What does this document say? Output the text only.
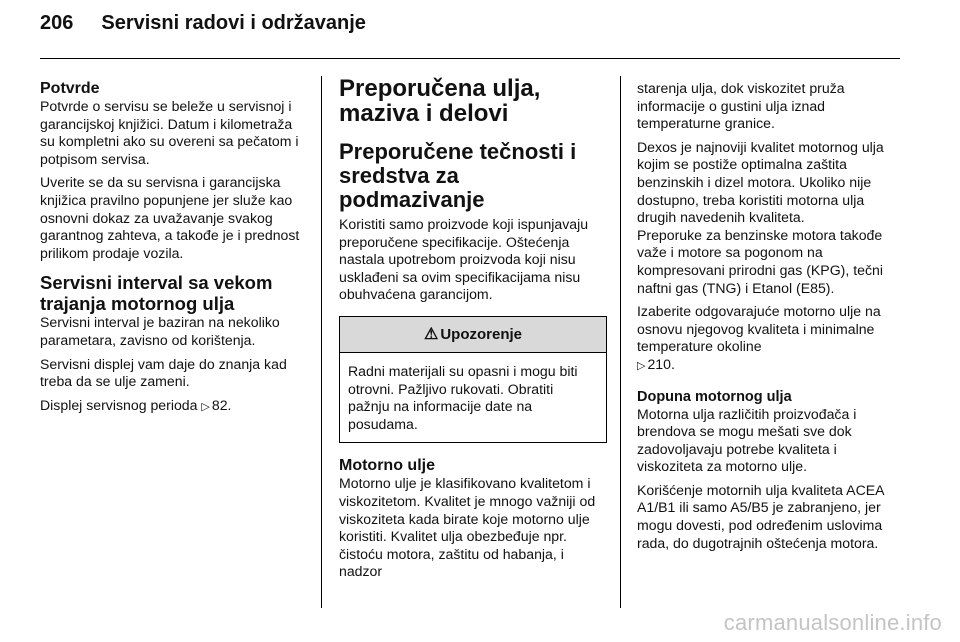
206 Servisni radovi i održavanje
Potvrde

Potvrde o servisu se beleže u servisnoj i garancijskoj knjižici. Datum i kilometraža su kompletni ako su overeni sa pečatom i potpisom servisa.

Uverite se da su servisna i garancijska knjižica pravilno popunjene jer služe kao osnovni dokaz za uvažavanje svakog garantnog zahteva, a takođe je i prednost prilikom prodaje vozila.

Servisni interval sa vekom trajanja motornog ulja

Servisni interval je baziran na nekoliko parametara, zavisno od korištenja.

Servisni displej vam daje do znanja kad treba da se ulje zameni.

Displej servisnog perioda ▷ 82.

Preporučena ulja, maziva i delovi
Preporučene tečnosti i sredstva za podmazivanje

Koristiti samo proizvode koji ispunjavaju preporučene specifikacije. Oštećenja nastala upotrebom proizvoda koji nisu usklađeni sa ovim specifikacijama nisu obuhvaćena garancijom.

⚠ Upozorenje
Radni materijali su opasni i mogu biti otrovni. Pažljivo rukovati. Obratiti pažnju na informacije date na posudama.
Motorno ulje

Motorno ulje je klasifikovano kvalitetom i viskozitetom. Kvalitet je mnogo važniji od viskoziteta kada birate koje motorno ulje koristiti. Kvalitet ulja obezbeđuje npr. čistoću motora, zaštitu od habanja, i nadzor

starenja ulja, dok viskozitet pruža informacije o gustini ulja iznad temperaturne granice.

Dexos je najnoviji kvalitet motornog ulja kojim se postiže optimalna zaštita benzinskih i dizel motora. Ukoliko nije dostupno, treba koristiti motorna ulja drugih navedenih kvaliteta.

Preporuke za benzinske motora takođe važe i motore sa pogonom na kompresovani prirodni gas (KPG), tečni naftni gas (TNG) i Etanol (E85).

Izaberite odgovarajuće motorno ulje na osnovu njegovog kvaliteta i minimalne temperature okoline
▷ 210.

Dopuna motornog ulja

Motorna ulja različitih proizvođača i brendova se mogu mešati sve dok zadovoljavaju potrebe kvaliteta i viskoziteta za motorno ulje.

Korišćenje motornih ulja kvaliteta ACEA A1/B1 ili samo A5/B5 je zabranjeno, jer mogu dovesti, pod određenim uslovima rada, do dugotrajnih oštećenja motora.

carmanualsonline.info
